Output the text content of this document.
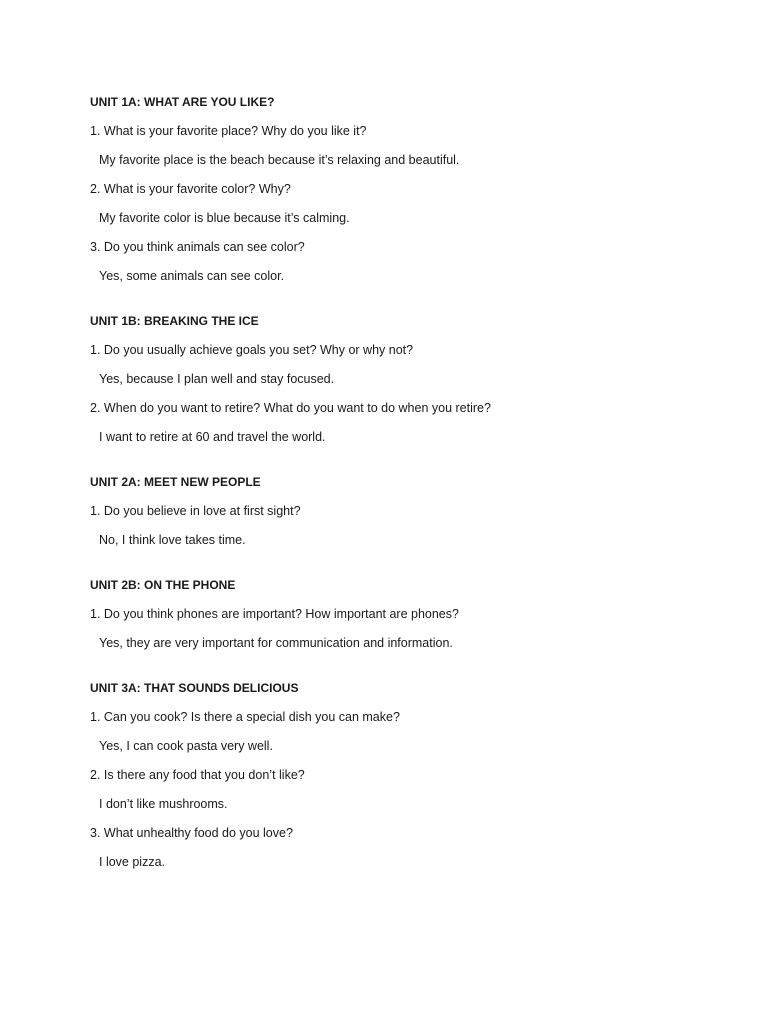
UNIT 1A: WHAT ARE YOU LIKE?
1. What is your favorite place? Why do you like it?
My favorite place is the beach because it’s relaxing and beautiful.
2. What is your favorite color? Why?
My favorite color is blue because it’s calming.
3. Do you think animals can see color?
Yes, some animals can see color.
UNIT 1B: BREAKING THE ICE
1. Do you usually achieve goals you set? Why or why not?
Yes, because I plan well and stay focused.
2. When do you want to retire? What do you want to do when you retire?
I want to retire at 60 and travel the world.
UNIT 2A: MEET NEW PEOPLE
1. Do you believe in love at first sight?
No, I think love takes time.
UNIT 2B: ON THE PHONE
1. Do you think phones are important? How important are phones?
Yes, they are very important for communication and information.
UNIT 3A: THAT SOUNDS DELICIOUS
1. Can you cook? Is there a special dish you can make?
Yes, I can cook pasta very well.
2. Is there any food that you don’t like?
I don’t like mushrooms.
3. What unhealthy food do you love?
I love pizza.
